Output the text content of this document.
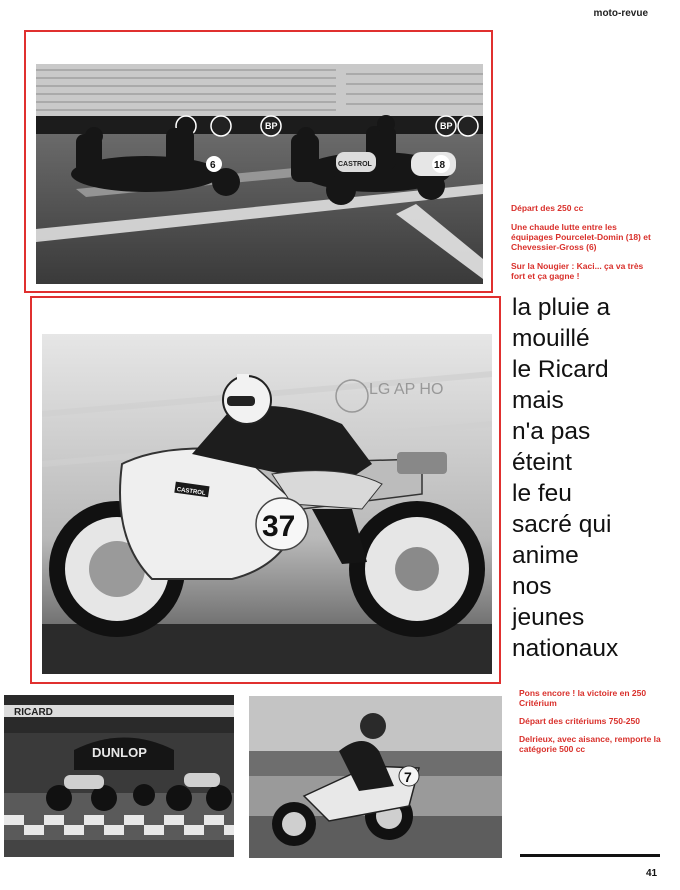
moto-revue
BP	BP
CASTROL
6	18
Départ des 250 cc
Une chaude lutte entre les équipages Pourcelet-Domin (18) et Chevessier-Gross (6)
Sur la Nougier : Kaci... ça va très fort et ça gagne !
la pluie a
mouillé
le Ricard
mais
n'a pas
éteint
le feu
sacré qui
anime
nos
jeunes
nationaux
LG AP HO
37
CASTROL
RICARD
DUNLOP
7
Pons encore ! la victoire en 250 Critérium
Départ des critériums 750-250
Delrieux, avec aisance, remporte la catégorie 500 cc
41
